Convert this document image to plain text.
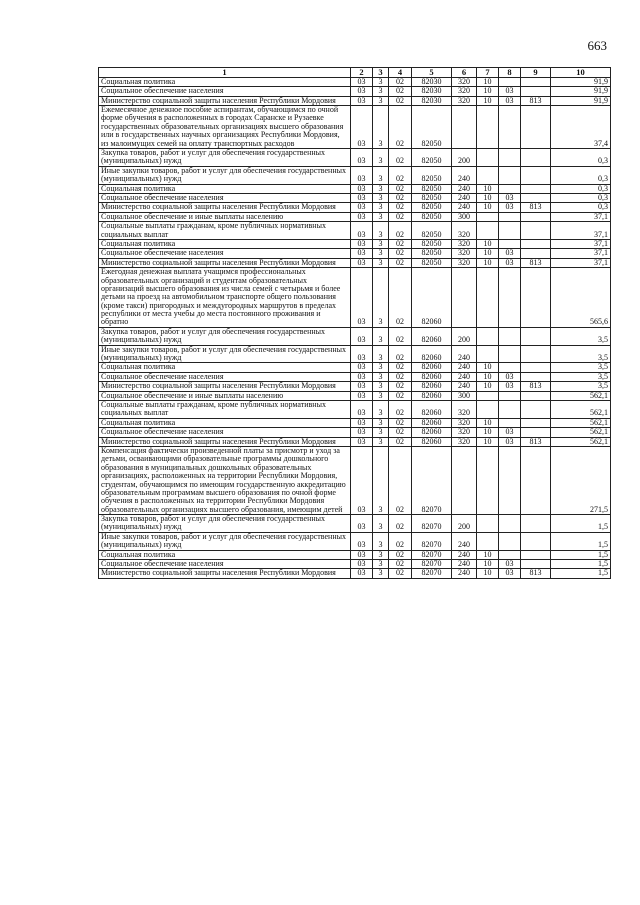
663
1	2	3	4	5	6	7	8	9	10
Социальная политика	03	3	02	82030	320	10			91,9
Социальное обеспечение населения	03	3	02	82030	320	10	03		91,9
Министерство социальной защиты населения Республики Мордовия	03	3	02	82030	320	10	03	813	91,9
Ежемесячное денежное пособие аспирантам, обучающимся по очной форме обучения в расположенных в городах Саранске и Рузаевке государственных образовательных организациях высшего образования или в государственных научных организациях Республики Мордовия, из малоимущих семей на оплату транспортных расходов	03	3	02	82050					37,4
Закупка товаров, работ и услуг для обеспечения государственных (муниципальных) нужд	03	3	02	82050	200				0,3
Иные закупки товаров, работ и услуг для обеспечения государственных (муниципальных) нужд	03	3	02	82050	240				0,3
Социальная политика	03	3	02	82050	240	10			0,3
Социальное обеспечение населения	03	3	02	82050	240	10	03		0,3
Министерство социальной защиты населения Республики Мордовия	03	3	02	82050	240	10	03	813	0,3
Социальное обеспечение и иные выплаты населению	03	3	02	82050	300				37,1
Социальные выплаты гражданам, кроме публичных нормативных социальных выплат	03	3	02	82050	320				37,1
Социальная политика	03	3	02	82050	320	10			37,1
Социальное обеспечение населения	03	3	02	82050	320	10	03		37,1
Министерство социальной защиты населения Республики Мордовия	03	3	02	82050	320	10	03	813	37,1
Ежегодная денежная выплата учащимся профессиональных образовательных организаций и студентам образовательных организаций высшего образования из числа семей с четырьмя и более детьми на проезд на автомобильном транспорте общего пользования (кроме такси) пригородных и междугородных маршрутов в пределах республики от места учебы до места постоянного проживания и обратно	03	3	02	82060					565,6
Закупка товаров, работ и услуг для обеспечения государственных (муниципальных) нужд	03	3	02	82060	200				3,5
Иные закупки товаров, работ и услуг для обеспечения государственных (муниципальных) нужд	03	3	02	82060	240				3,5
Социальная политика	03	3	02	82060	240	10			3,5
Социальное обеспечение населения	03	3	02	82060	240	10	03		3,5
Министерство социальной защиты населения Республики Мордовия	03	3	02	82060	240	10	03	813	3,5
Социальное обеспечение и иные выплаты населению	03	3	02	82060	300				562,1
Социальные выплаты гражданам, кроме публичных нормативных социальных выплат	03	3	02	82060	320				562,1
Социальная политика	03	3	02	82060	320	10			562,1
Социальное обеспечение населения	03	3	02	82060	320	10	03		562,1
Министерство социальной защиты населения Республики Мордовия	03	3	02	82060	320	10	03	813	562,1
Компенсация фактически произведенной платы за присмотр и уход за детьми, осваивающими образовательные программы дошкольного образования в муниципальных дошкольных образовательных организациях, расположенных на территории Республики Мордовия, студентам, обучающимся по имеющим государственную аккредитацию образовательным программам высшего образования по очной форме обучения в расположенных на территории Республики Мордовия образовательных организациях высшего образования, имеющим детей	03	3	02	82070					271,5
Закупка товаров, работ и услуг для обеспечения государственных (муниципальных) нужд	03	3	02	82070	200				1,5
Иные закупки товаров, работ и услуг для обеспечения государственных (муниципальных) нужд	03	3	02	82070	240				1,5
Социальная политика	03	3	02	82070	240	10			1,5
Социальное обеспечение населения	03	3	02	82070	240	10	03		1,5
Министерство социальной защиты населения Республики Мордовия	03	3	02	82070	240	10	03	813	1,5
